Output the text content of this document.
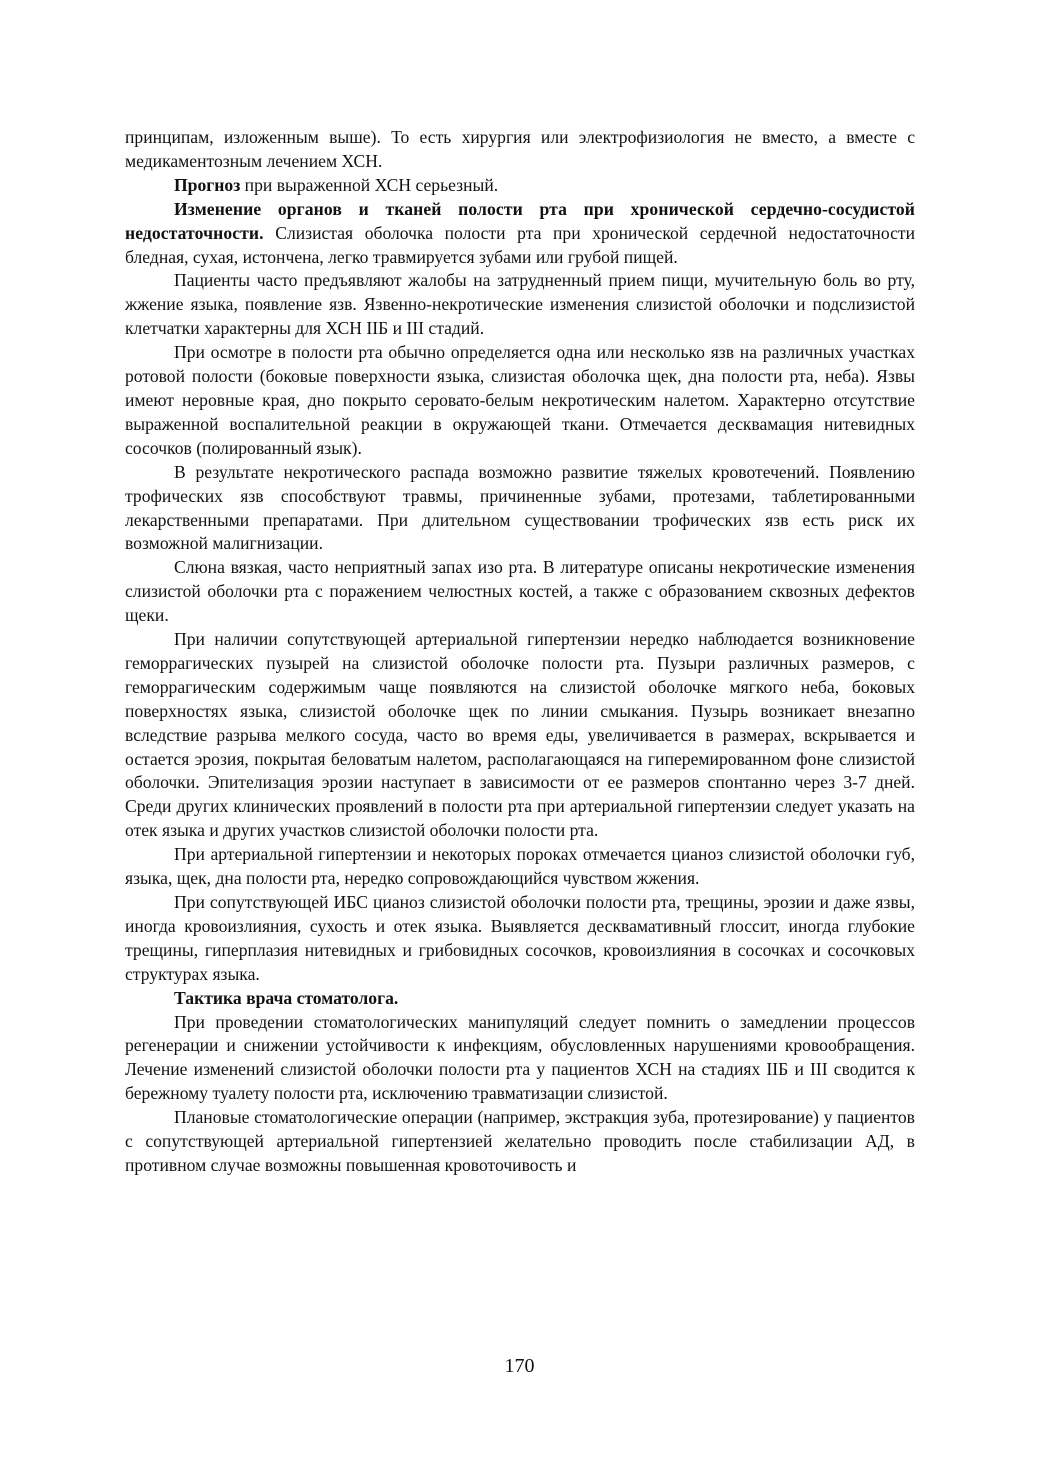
принципам, изложенным выше). То есть хирургия или электрофизиология не вместо, а вместе с медикаментозным лечением ХСН.

Прогноз при выраженной ХСН серьезный.

Изменение органов и тканей полости рта при хронической сердечно-сосудистой недостаточности. Слизистая оболочка полости рта при хронической сердечной недостаточности бледная, сухая, истончена, легко травмируется зубами или грубой пищей.

Пациенты часто предъявляют жалобы на затрудненный прием пищи, мучительную боль во рту, жжение языка, появление язв. Язвенно-некротические изменения слизистой оболочки и подслизистой клетчатки характерны для ХСН IIБ и III стадий.

При осмотре в полости рта обычно определяется одна или несколько язв на различных участках ротовой полости (боковые поверхности языка, слизистая оболочка щек, дна полости рта, неба). Язвы имеют неровные края, дно покрыто серовато-белым некротическим налетом. Характерно отсутствие выраженной воспалительной реакции в окружающей ткани. Отмечается десквамация нитевидных сосочков (полированный язык).

В результате некротического распада возможно развитие тяжелых кровотечений. Появлению трофических язв способствуют травмы, причиненные зубами, протезами, таблетированными лекарственными препаратами. При длительном существовании трофических язв есть риск их возможной малигнизации.

Слюна вязкая, часто неприятный запах изо рта. В литературе описаны некротические изменения слизистой оболочки рта с поражением челюстных костей, а также с образованием сквозных дефектов щеки.

При наличии сопутствующей артериальной гипертензии нередко наблюдается возникновение геморрагических пузырей на слизистой оболочке полости рта. Пузыри различных размеров, с геморрагическим содержимым чаще появляются на слизистой оболочке мягкого неба, боковых поверхностях языка, слизистой оболочке щек по линии смыкания. Пузырь возникает внезапно вследствие разрыва мелкого сосуда, часто во время еды, увеличивается в размерах, вскрывается и остается эрозия, покрытая беловатым налетом, располагающаяся на гиперемированном фоне слизистой оболочки. Эпителизация эрозии наступает в зависимости от ее размеров спонтанно через 3-7 дней. Среди других клинических проявлений в полости рта при артериальной гипертензии следует указать на отек языка и других участков слизистой оболочки полости рта.

При артериальной гипертензии и некоторых пороках отмечается цианоз слизистой оболочки губ, языка, щек, дна полости рта, нередко сопровождающийся чувством жжения.

При сопутствующей ИБС цианоз слизистой оболочки полости рта, трещины, эрозии и даже язвы, иногда кровоизлияния, сухость и отек языка. Выявляется десквамативный глоссит, иногда глубокие трещины, гиперплазия нитевидных и грибовидных сосочков, кровоизлияния в сосочках и сосочковых структурах языка.

Тактика врача стоматолога.

При проведении стоматологических манипуляций следует помнить о замедлении процессов регенерации и снижении устойчивости к инфекциям, обусловленных нарушениями кровообращения. Лечение изменений слизистой оболочки полости рта у пациентов ХСН на стадиях IIБ и III сводится к бережному туалету полости рта, исключению травматизации слизистой.

Плановые стоматологические операции (например, экстракция зуба, протезирование) у пациентов с сопутствующей артериальной гипертензией желательно проводить после стабилизации АД, в противном случае возможны повышенная кровоточивость и

170
